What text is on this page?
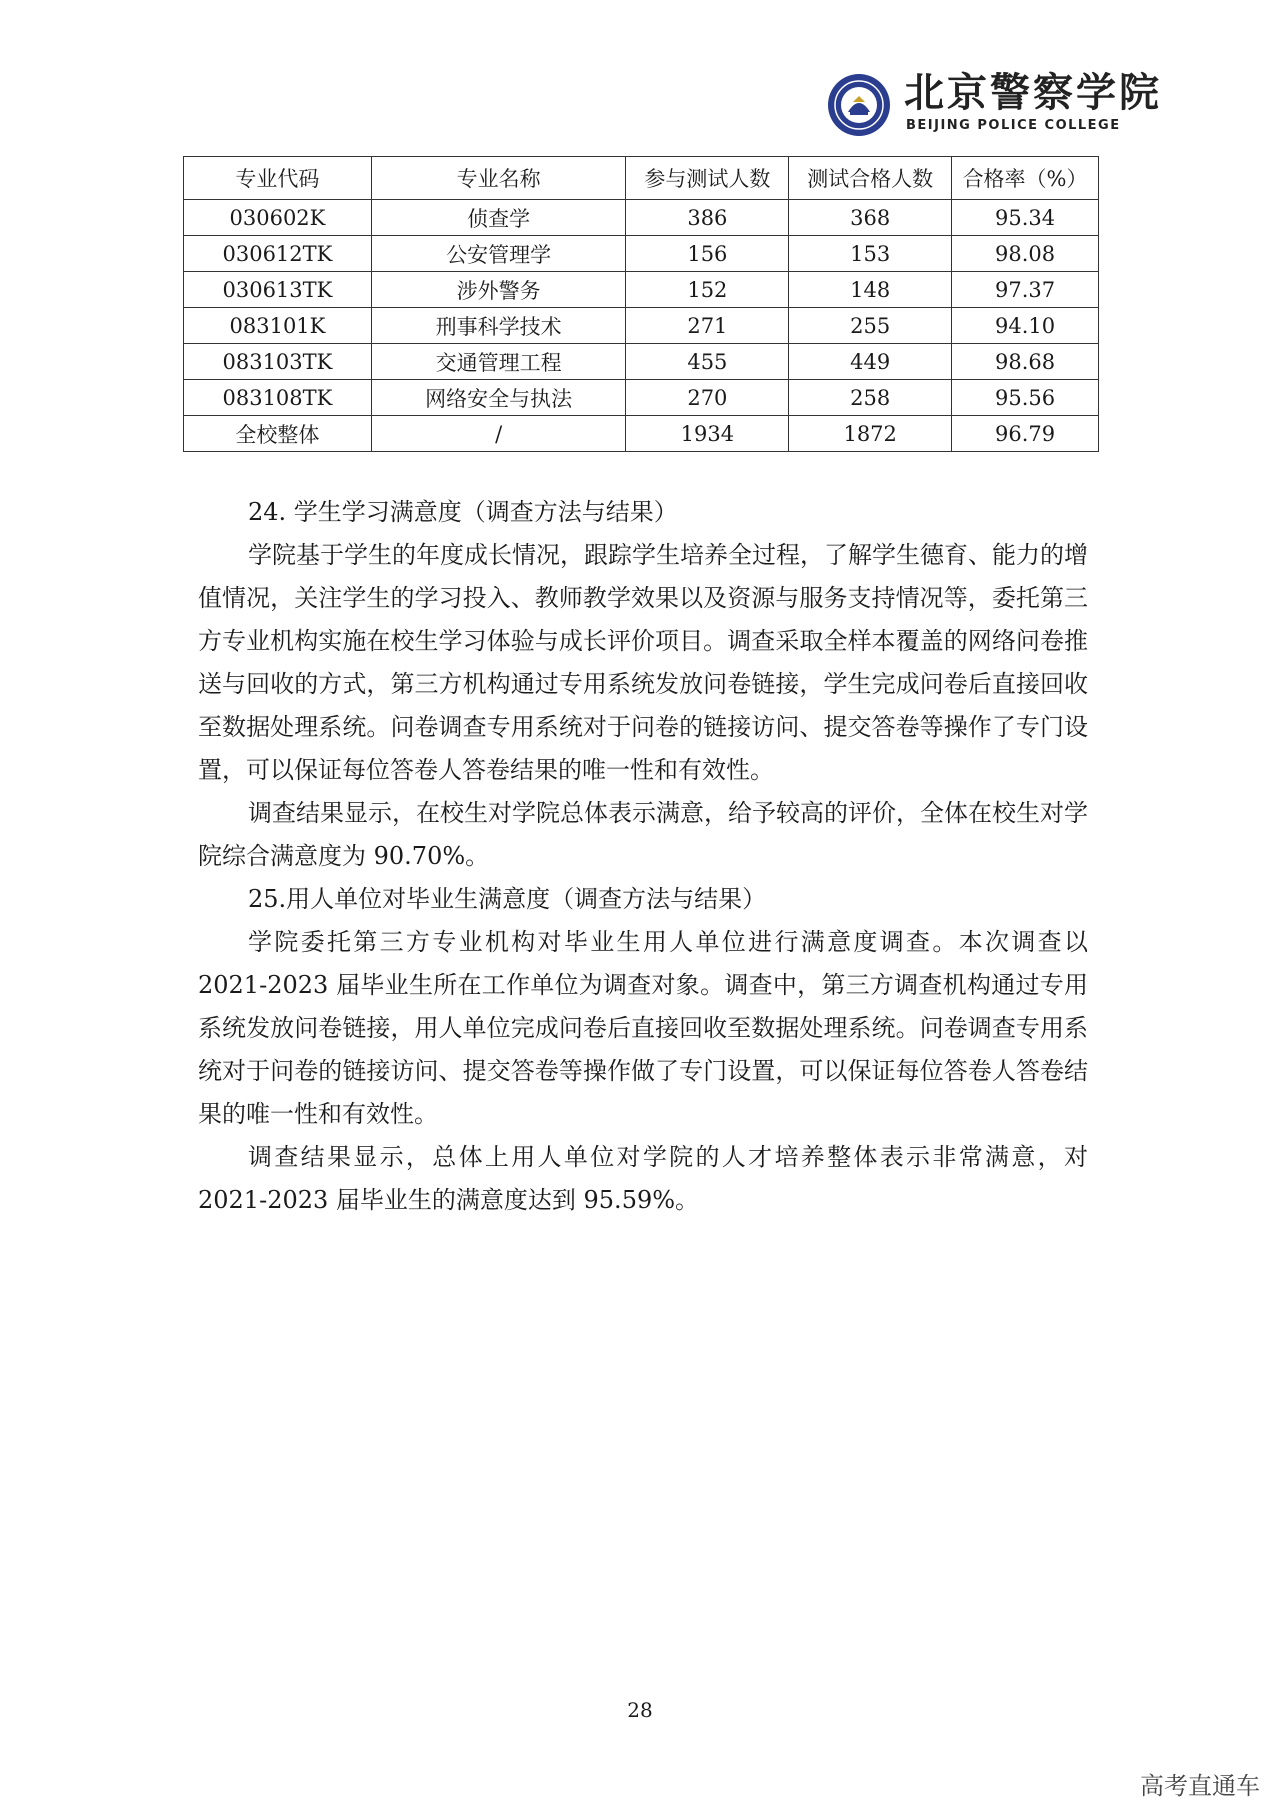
北京警察学院
BEIJING POLICE COLLEGE
专业代码	专业名称	参与测试人数	测试合格人数	合格率（%）
030602K	侦查学	386	368	95.34
030612TK	公安管理学	156	153	98.08
030613TK	涉外警务	152	148	97.37
083101K	刑事科学技术	271	255	94.10
083103TK	交通管理工程	455	449	98.68
083108TK	网络安全与执法	270	258	95.56
全校整体	/	1934	1872	96.79

24. 学生学习满意度（调查方法与结果）

学院基于学生的年度成长情况，跟踪学生培养全过程，了解学生德育、能力的增值情况，关注学生的学习投入、教师教学效果以及资源与服务支持情况等，委托第三方专业机构实施在校生学习体验与成长评价项目。调查采取全样本覆盖的网络问卷推送与回收的方式，第三方机构通过专用系统发放问卷链接，学生完成问卷后直接回收至数据处理系统。问卷调查专用系统对于问卷的链接访问、提交答卷等操作了专门设置，可以保证每位答卷人答卷结果的唯一性和有效性。

调查结果显示，在校生对学院总体表示满意，给予较高的评价，全体在校生对学院综合满意度为 90.70%。

25.用人单位对毕业生满意度（调查方法与结果）

学院委托第三方专业机构对毕业生用人单位进行满意度调查。本次调查以 2021-2023 届毕业生所在工作单位为调查对象。调查中，第三方调查机构通过专用系统发放问卷链接，用人单位完成问卷后直接回收至数据处理系统。问卷调查专用系统对于问卷的链接访问、提交答卷等操作做了专门设置，可以保证每位答卷人答卷结果的唯一性和有效性。

调查结果显示，总体上用人单位对学院的人才培养整体表示非常满意，对 2021-2023 届毕业生的满意度达到 95.59%。

28
高考直通车
